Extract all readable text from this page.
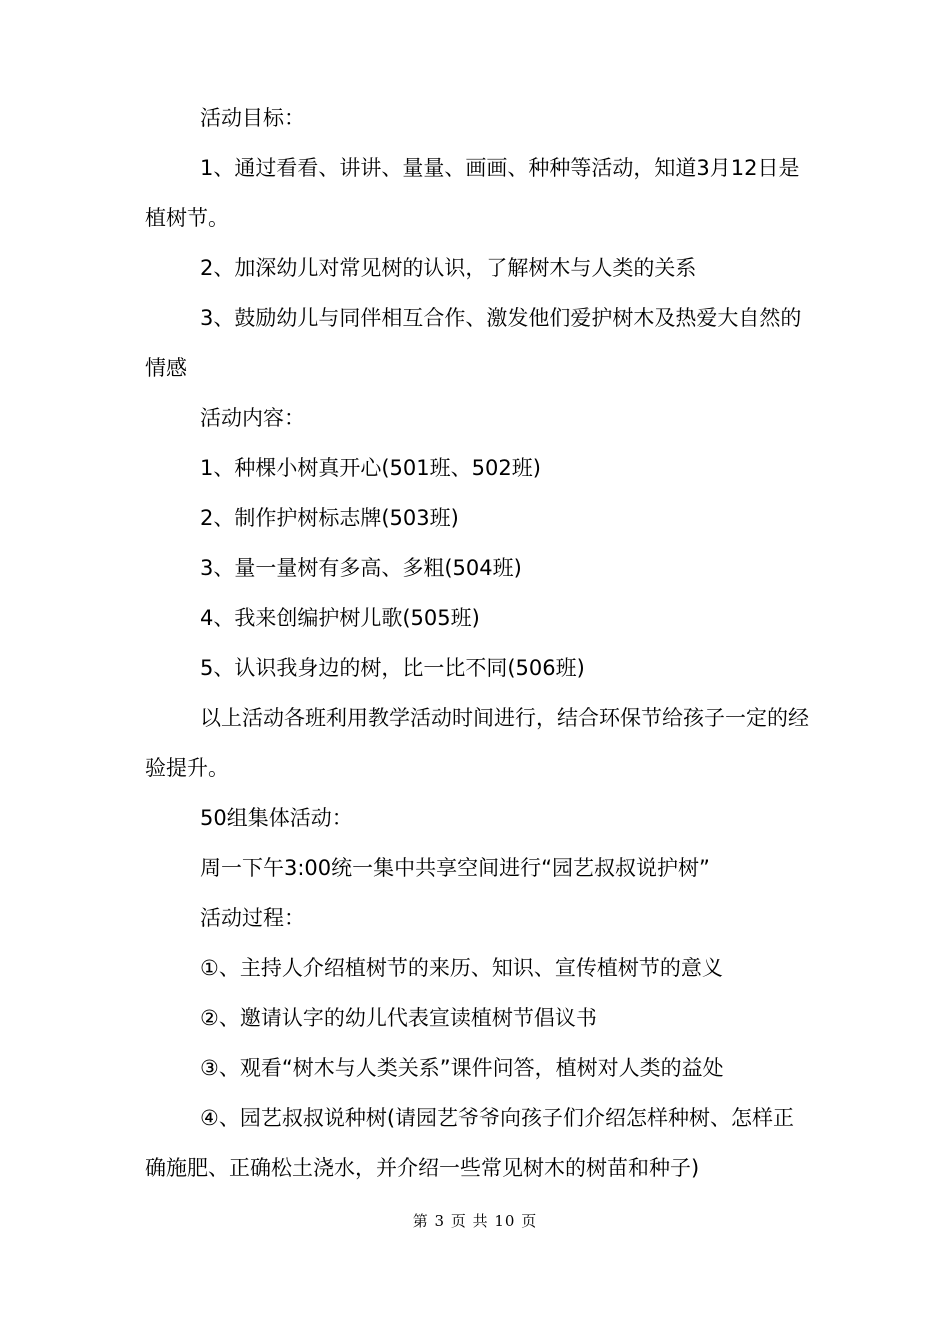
活动目标：

1、通过看看、讲讲、量量、画画、种种等活动，知道3月12日是植树节。

2、加深幼儿对常见树的认识，了解树木与人类的关系

3、鼓励幼儿与同伴相互合作、激发他们爱护树木及热爱大自然的情感

活动内容：

1、种棵小树真开心(501班、502班)

2、制作护树标志牌(503班)

3、量一量树有多高、多粗(504班)

4、我来创编护树儿歌(505班)

5、认识我身边的树，比一比不同(506班)

以上活动各班利用教学活动时间进行，结合环保节给孩子一定的经验提升。

50组集体活动：

周一下午3:00统一集中共享空间进行“园艺叔叔说护树”

活动过程：

①、主持人介绍植树节的来历、知识、宣传植树节的意义

②、邀请认字的幼儿代表宣读植树节倡议书

③、观看“树木与人类关系”课件问答，植树对人类的益处

④、园艺叔叔说种树(请园艺爷爷向孩子们介绍怎样种树、怎样正确施肥、正确松土浇水，并介绍一些常见树木的树苗和种子)

第 3 页 共 10 页
